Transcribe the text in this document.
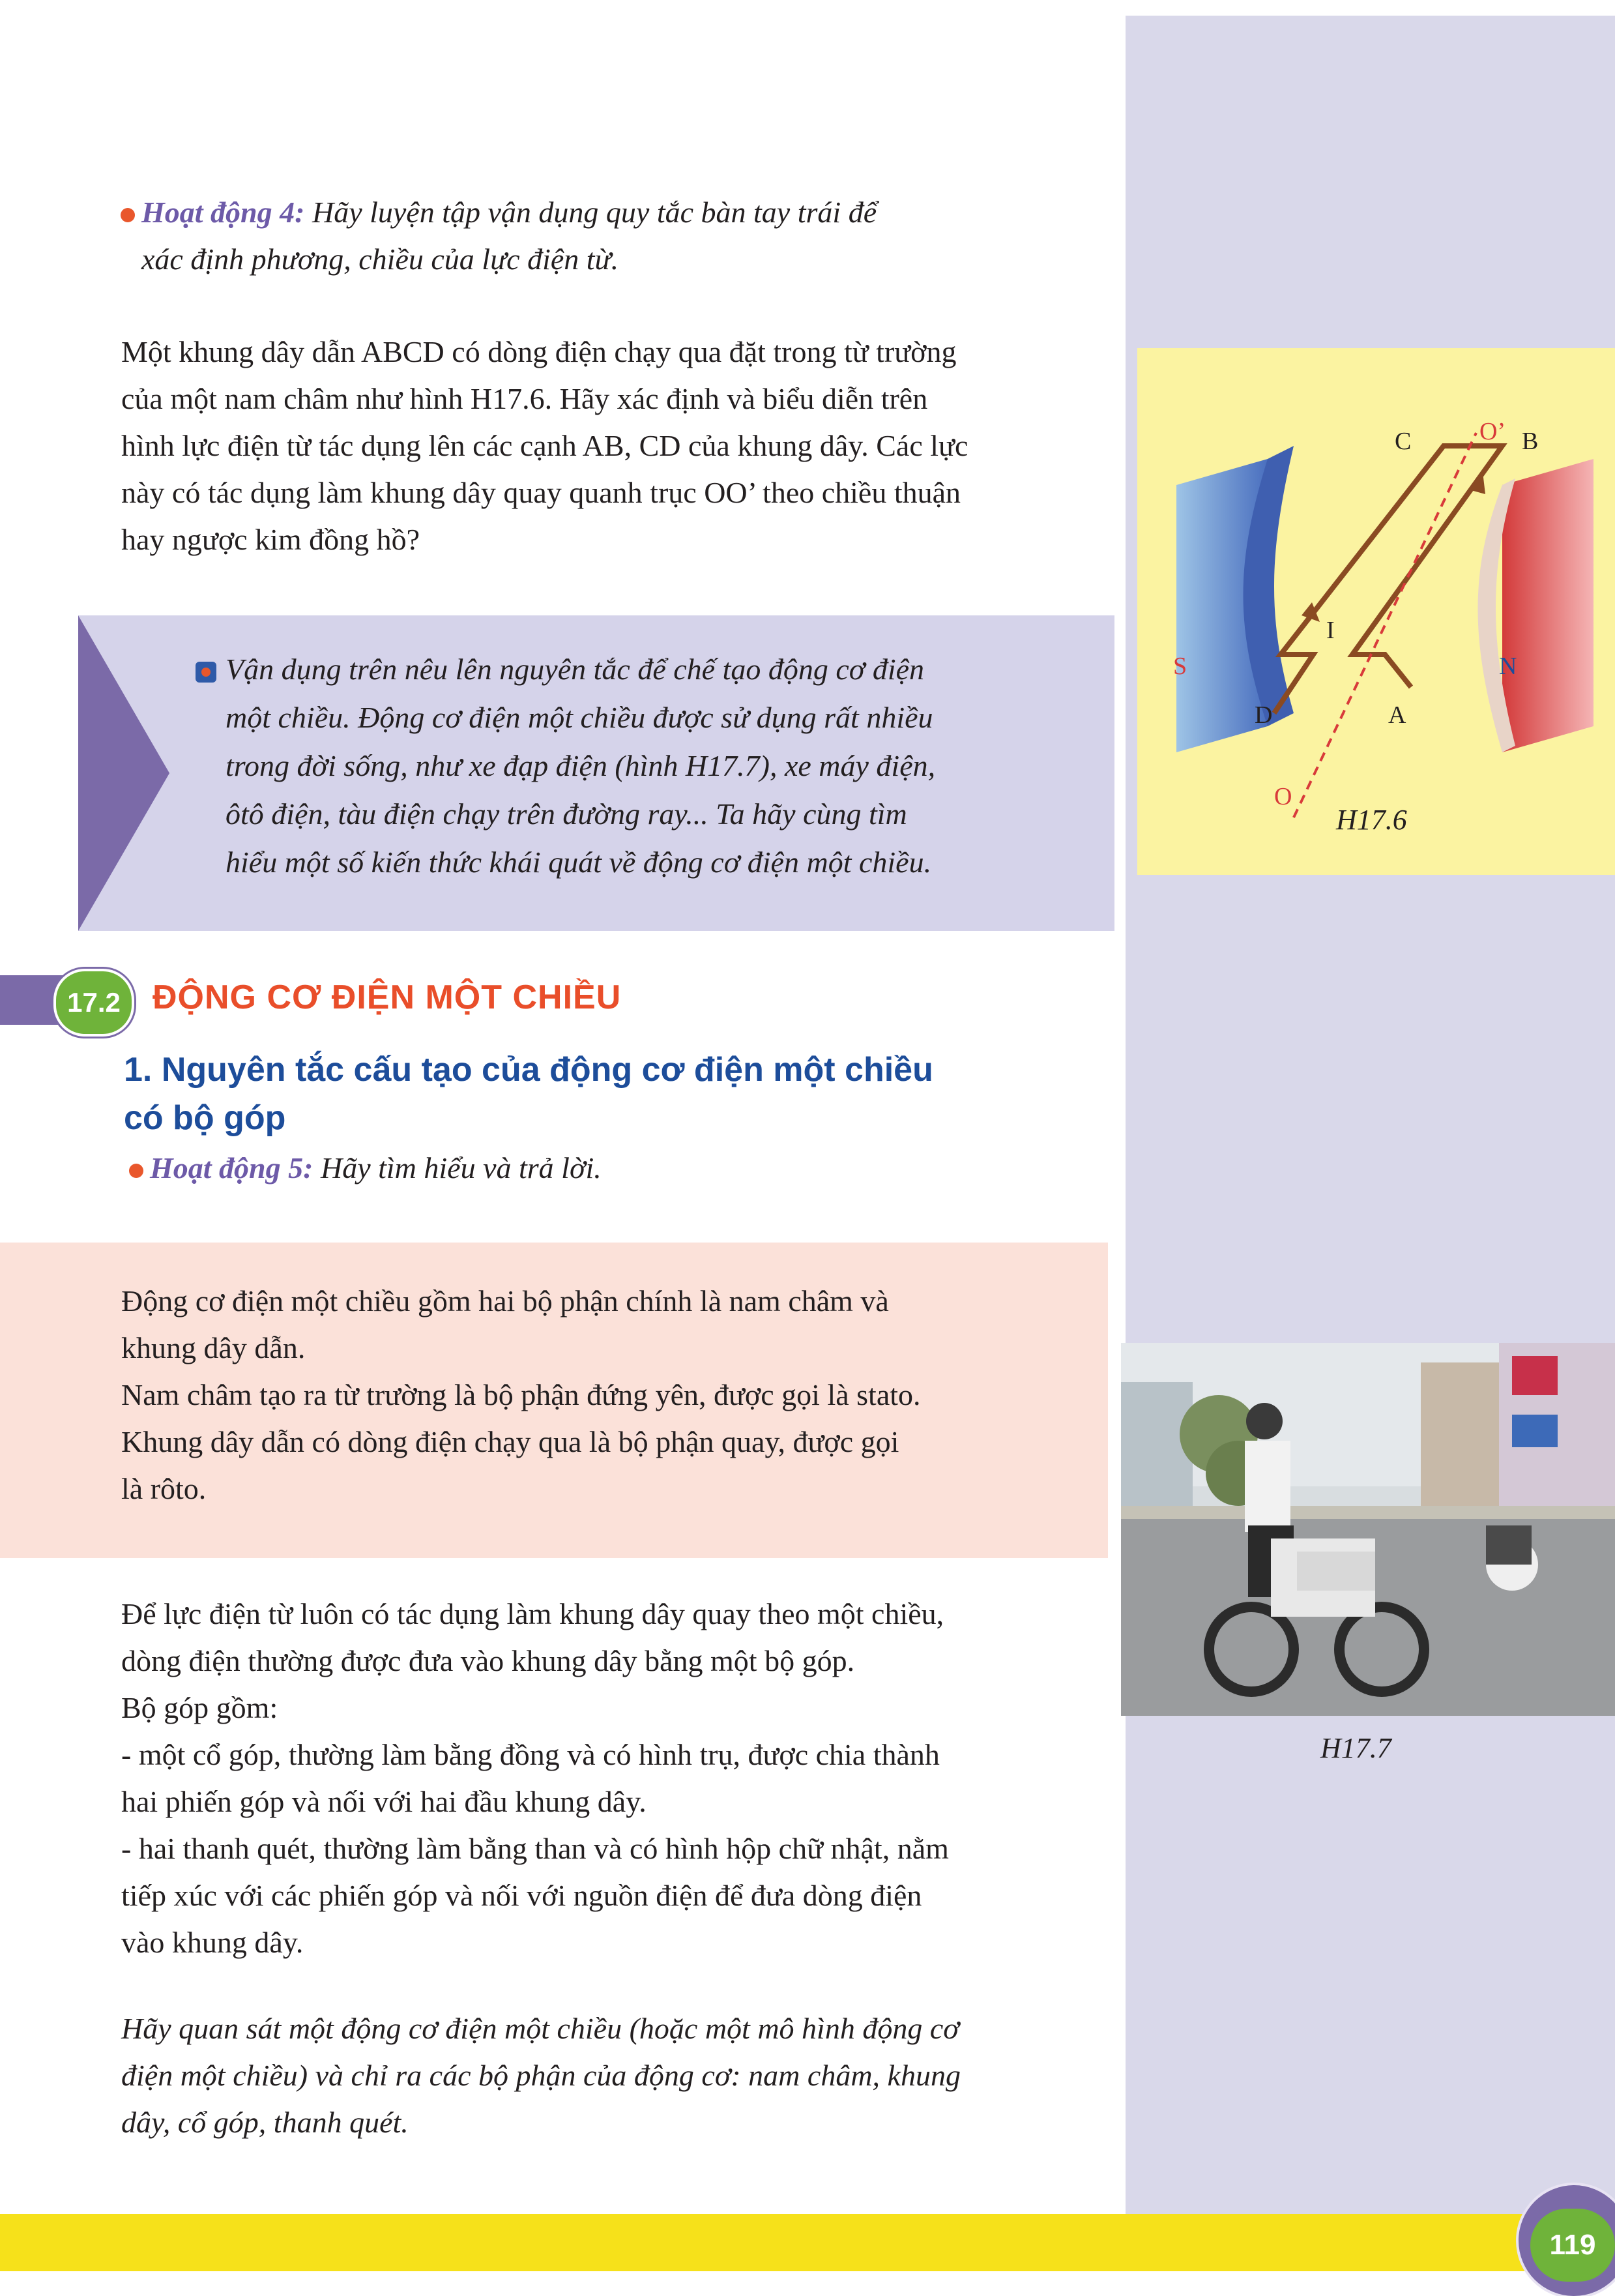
119
Hoạt động 4: Hãy luyện tập vận dụng quy tắc bàn tay trái để
xác định phương, chiều của lực điện từ.
Một khung dây dẫn ABCD có dòng điện chạy qua đặt trong từ trường
của một nam châm như hình H17.6. Hãy xác định và biểu diễn trên
hình lực điện từ tác dụng lên các cạnh AB, CD của khung dây. Các lực
này có tác dụng làm khung dây quay quanh trục OO’ theo chiều thuận
hay ngược kim đồng hồ?
Vận dụng trên nêu lên nguyên tắc để chế tạo động cơ điện
một chiều. Động cơ điện một chiều được sử dụng rất nhiều
trong đời sống, như xe đạp điện (hình H17.7), xe máy điện,
ôtô điện, tàu điện chạy trên đường ray... Ta hãy cùng tìm
hiểu một số kiến thức khái quát về động cơ điện một chiều.
17.2 ĐỘNG CƠ ĐIỆN MỘT CHIỀU
1. Nguyên tắc cấu tạo của động cơ điện một chiều
có bộ góp
Hoạt động 5: Hãy tìm hiểu và trả lời.
Động cơ điện một chiều gồm hai bộ phận chính là nam châm và
khung dây dẫn.
Nam châm tạo ra từ trường là bộ phận đứng yên, được gọi là stato.
Khung dây dẫn có dòng điện chạy qua là bộ phận quay, được gọi
là rôto.
Để lực điện từ luôn có tác dụng làm khung dây quay theo một chiều,
dòng điện thường được đưa vào khung dây bằng một bộ góp.
Bộ góp gồm:
- một cổ góp, thường làm bằng đồng và có hình trụ, được chia thành
hai phiến góp và nối với hai đầu khung dây.
- hai thanh quét, thường làm bằng than và có hình hộp chữ nhật, nằm
tiếp xúc với các phiến góp và nối với nguồn điện để đưa dòng điện
vào khung dây.
Hãy quan sát một động cơ điện một chiều (hoặc một mô hình động cơ
điện một chiều) và chỉ ra các bộ phận của động cơ: nam châm, khung
dây, cổ góp, thanh quét.
C	O’ B
I
S	N
D	A
O
H17.6
H17.7
